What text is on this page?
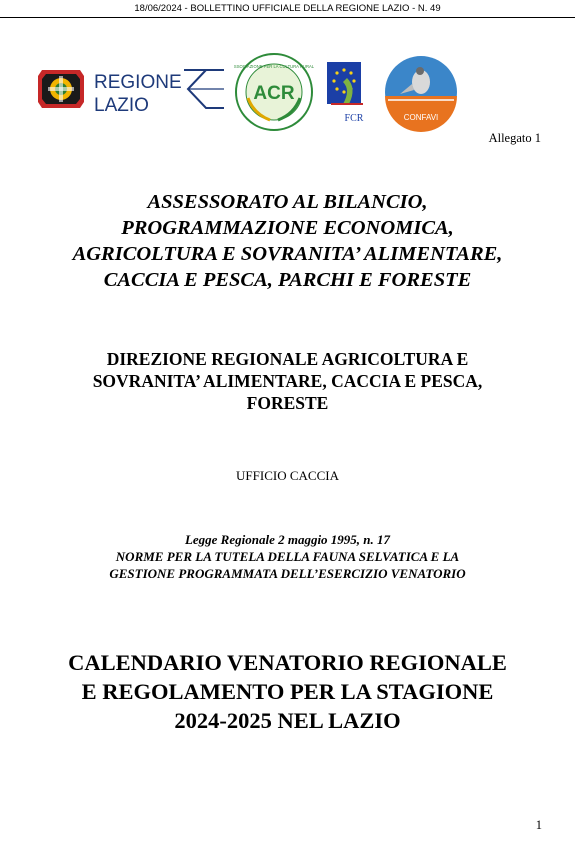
18/06/2024 - BOLLETTINO UFFICIALE DELLA REGIONE LAZIO - N. 49
REGIONE
LAZIO
ACR
ASSOCIAZIONE PER LA CULTURA RURALE
FCR	CONFAVI
Allegato 1
ASSESSORATO AL BILANCIO,
PROGRAMMAZIONE ECONOMICA,
AGRICOLTURA E SOVRANITA’ ALIMENTARE,
CACCIA E PESCA, PARCHI E FORESTE
DIREZIONE REGIONALE AGRICOLTURA E
SOVRANITA’ ALIMENTARE, CACCIA E PESCA,
FORESTE
UFFICIO CACCIA
Legge Regionale 2 maggio 1995, n. 17
NORME PER LA TUTELA DELLA FAUNA SELVATICA E LA
GESTIONE PROGRAMMATA DELL’ESERCIZIO VENATORIO
CALENDARIO VENATORIO REGIONALE
E REGOLAMENTO PER LA STAGIONE
2024-2025 NEL LAZIO
1
